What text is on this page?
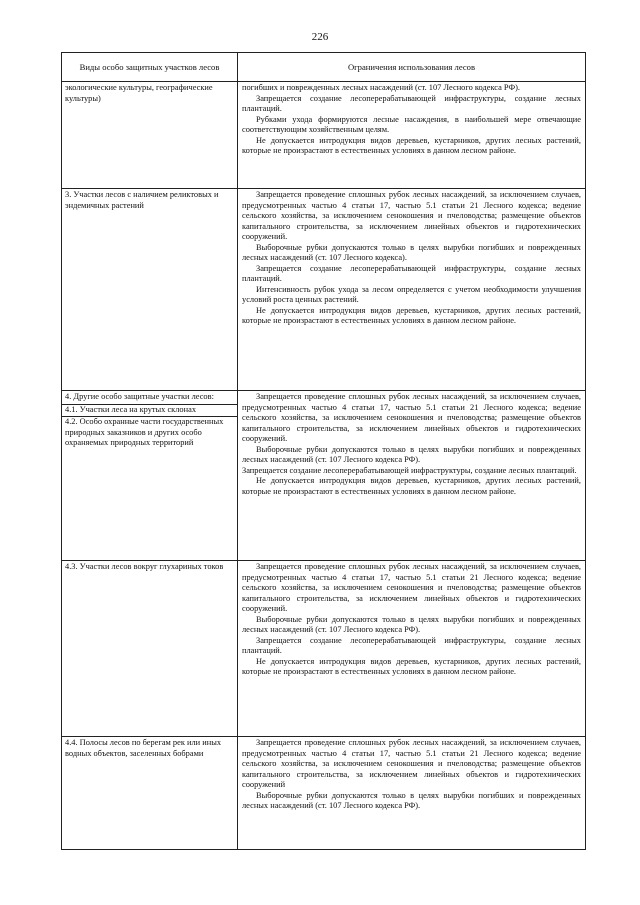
226
Виды особо защитных участков лесов	Ограничения использования лесов
экологические культуры, географические культуры)

погибших и поврежденных лесных насаждений (ст. 107 Лесного кодекса РФ).

Запрещается создание лесоперерабатывающей инфраструктуры, создание лесных плантаций.

Рубками ухода формируются лесные насаждения, в наибольшей мере отвечающие соответствующим хозяйственным целям.

Не допускается интродукция видов деревьев, кустарников, других лесных растений, которые не произрастают в естественных условиях в данном лесном районе.

3. Участки лесов с наличием реликтовых и эндемичных растений

Запрещается проведение сплошных рубок лесных насаждений, за исключением случаев, предусмотренных частью 4 статьи 17, частью 5.1 статьи 21 Лесного кодекса; ведение сельского хозяйства, за исключением сенокошения и пчеловодства; размещение объектов капитального строительства, за исключением линейных объектов и гидротехнических сооружений.

Выборочные рубки допускаются только в целях вырубки погибших и поврежденных лесных насаждений (ст. 107 Лесного кодекса).

Запрещается создание лесоперерабатывающей инфраструктуры, создание лесных плантаций.

Интенсивность рубок ухода за лесом определяется с учетом необходимости улучшения условий роста ценных растений.

Не допускается интродукция видов деревьев, кустарников, других лесных растений, которые не произрастают в естественных условиях в данном лесном районе.

4. Другие особо защитные участки лесов:
4.1. Участки леса на крутых склонах
4.2. Особо охранные части государственных природных заказников и других особо охраняемых природных территорий

Запрещается проведение сплошных рубок лесных насаждений, за исключением случаев, предусмотренных частью 4 статьи 17, частью 5.1 статьи 21 Лесного кодекса; ведение сельского хозяйства, за исключением сенокошения и пчеловодства; размещение объектов капитального строительства, за исключением линейных объектов и гидротехнических сооружений.

Выборочные рубки допускаются только в целях вырубки погибших и поврежденных лесных насаждений (ст. 107 Лесного кодекса РФ).

Запрещается создание лесоперерабатывающей инфраструктуры, создание лесных плантаций.

Не допускается интродукция видов деревьев, кустарников, других лесных растений, которые не произрастают в естественных условиях в данном лесном районе.

4.3. Участки лесов вокруг глухариных токов	Запрещается проведение сплошных рубок лесных насаждений, за исключением случаев, предусмотренных частью 4 статьи 17, частью 5.1 статьи 21 Лесного кодекса; ведение сельского хозяйства, за исключением сенокошения и пчеловодства; размещение объектов капитального строительства, за исключением линейных объектов и гидротехнических сооружений.

Выборочные рубки допускаются только в целях вырубки погибших и поврежденных лесных насаждений (ст. 107 Лесного кодекса РФ).

Запрещается создание лесоперерабатывающей инфраструктуры, создание лесных плантаций.

Не допускается интродукция видов деревьев, кустарников, других лесных растений, которые не произрастают в естественных условиях в данном лесном районе.

4.4. Полосы лесов по берегам рек или иных водных объектов, заселенных бобрами

Запрещается проведение сплошных рубок лесных насаждений, за исключением случаев, предусмотренных частью 4 статьи 17, частью 5.1 статьи 21 Лесного кодекса; ведение сельского хозяйства, за исключением сенокошения и пчеловодства; размещение объектов капитального строительства, за исключением линейных объектов и гидротехнических сооружений

Выборочные рубки допускаются только в целях вырубки погибших и поврежденных лесных насаждений (ст. 107 Лесного кодекса РФ).
